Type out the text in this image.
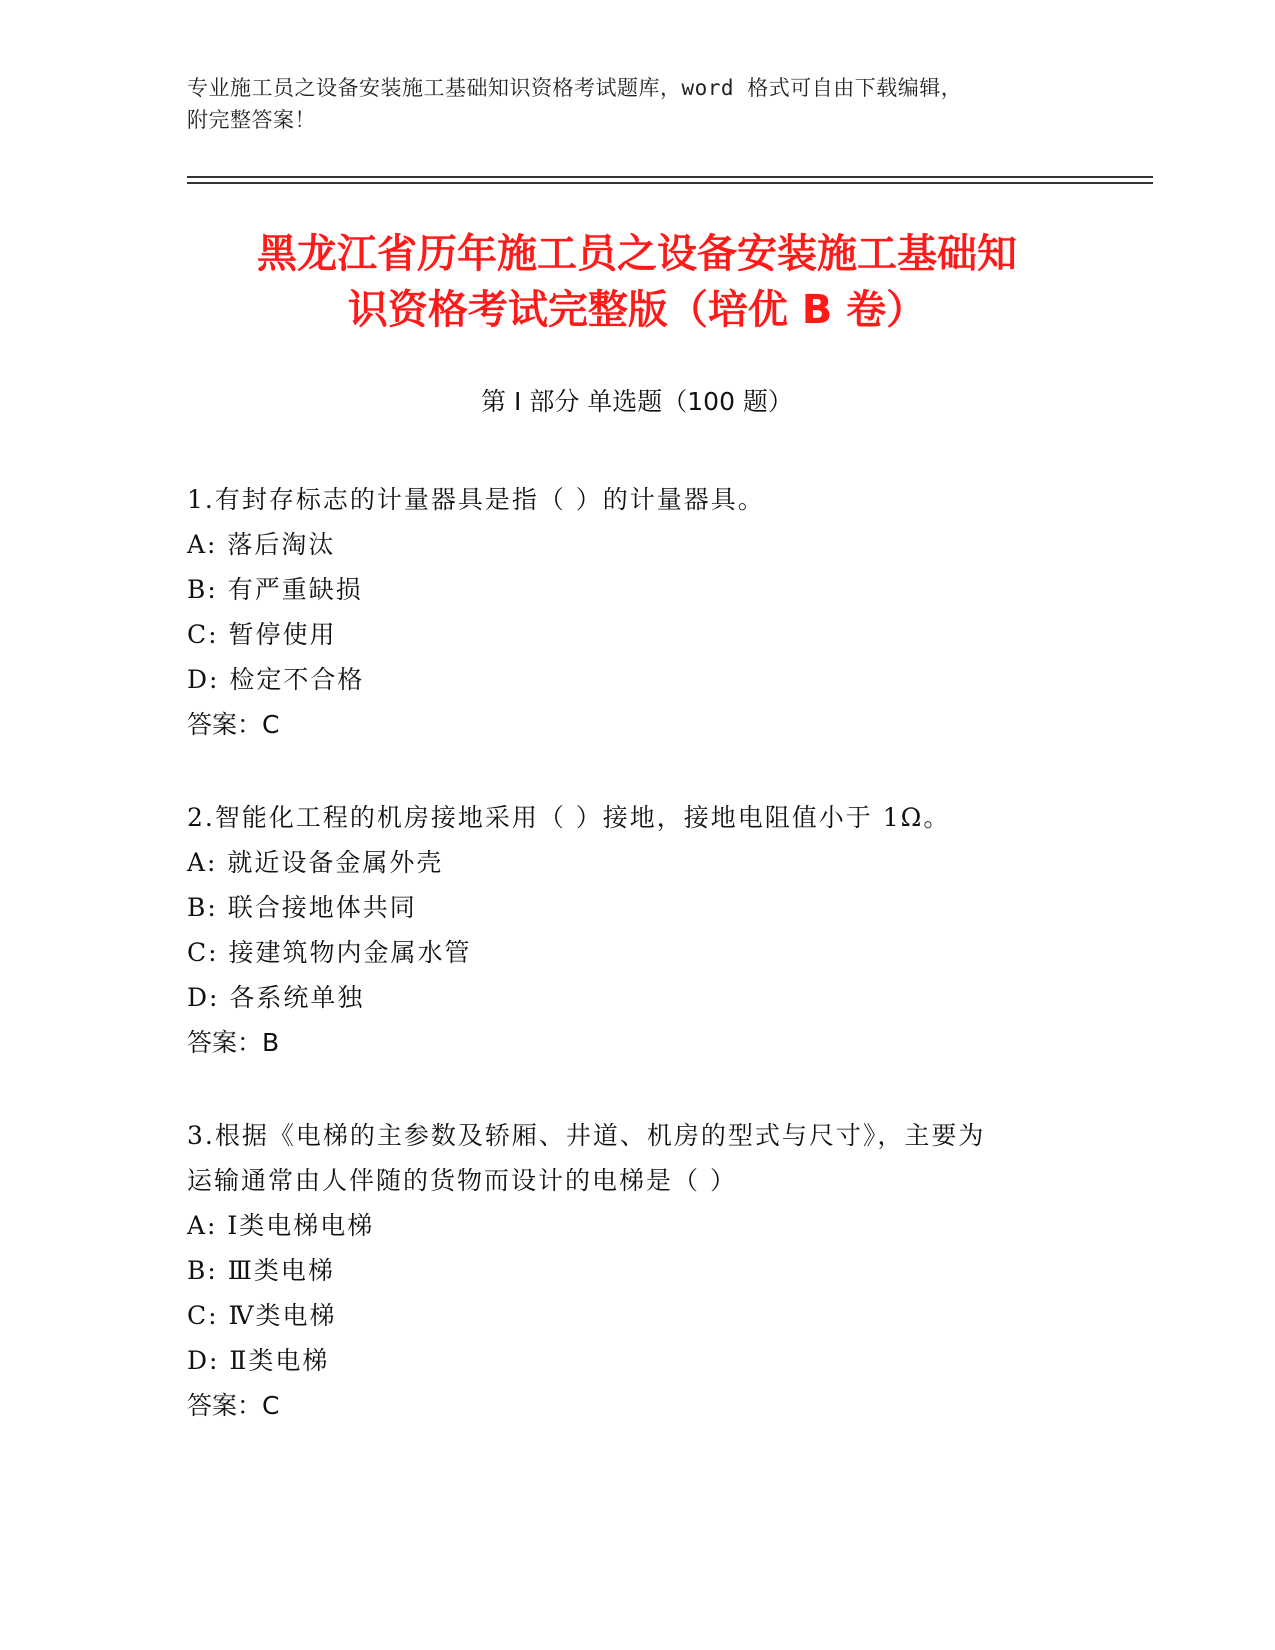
专业施工员之设备安装施工基础知识资格考试题库，word 格式可自由下载编辑，
附完整答案！
黑龙江省历年施工员之设备安装施工基础知
识资格考试完整版（培优 B 卷）
第 I 部分 单选题（100 题）
1.有封存标志的计量器具是指（ ）的计量器具。
A: 落后淘汰
B: 有严重缺损
C: 暂停使用
D: 检定不合格
答案：C
2.智能化工程的机房接地采用（ ）接地，接地电阻值小于 1Ω。
A: 就近设备金属外壳
B: 联合接地体共同
C: 接建筑物内金属水管
D: 各系统单独
答案：B
3.根据《电梯的主参数及轿厢、井道、机房的型式与尺寸》，主要为
运输通常由人伴随的货物而设计的电梯是（ ）
A: Ⅰ类电梯电梯
B: Ⅲ类电梯
C: Ⅳ类电梯
D: Ⅱ类电梯
答案：C
